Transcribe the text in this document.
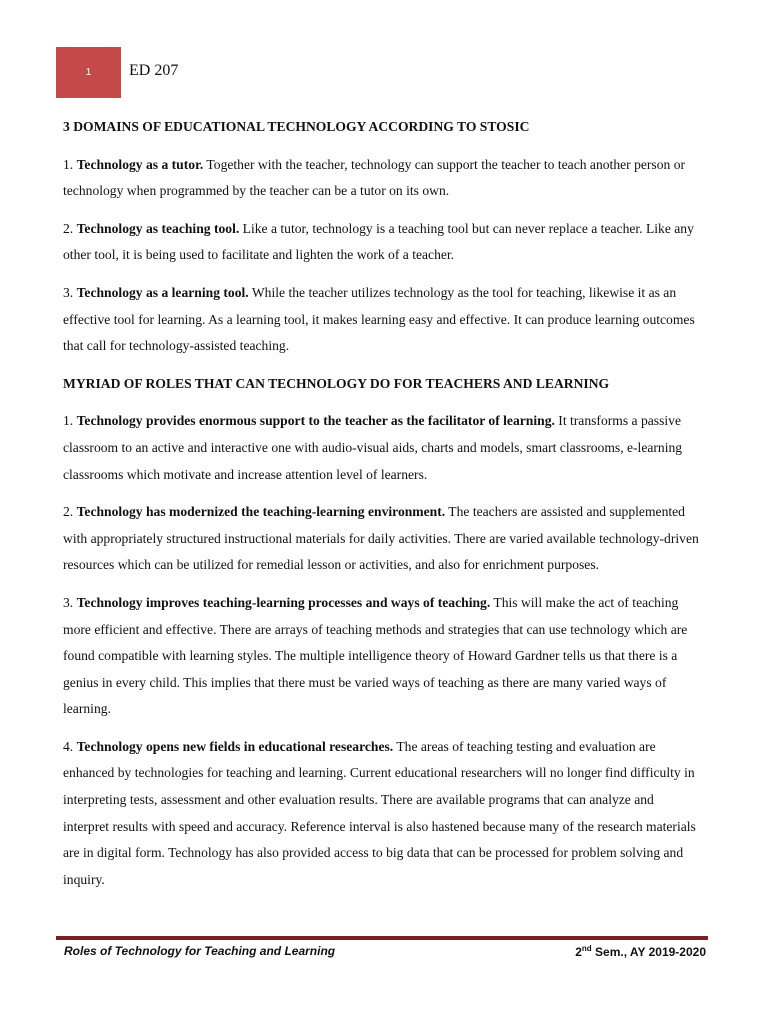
1 ED 207
3 DOMAINS OF EDUCATIONAL TECHNOLOGY ACCORDING TO STOSIC

1. Technology as a tutor. Together with the teacher, technology can support the teacher to teach another person or technology when programmed by the teacher can be a tutor on its own.

2. Technology as teaching tool. Like a tutor, technology is a teaching tool but can never replace a teacher. Like any other tool, it is being used to facilitate and lighten the work of a teacher.

3. Technology as a learning tool. While the teacher utilizes technology as the tool for teaching, likewise it as an effective tool for learning. As a learning tool, it makes learning easy and effective. It can produce learning outcomes that call for technology-assisted teaching.

MYRIAD OF ROLES THAT CAN TECHNOLOGY DO FOR TEACHERS AND LEARNING

1. Technology provides enormous support to the teacher as the facilitator of learning. It transforms a passive classroom to an active and interactive one with audio-visual aids, charts and models, smart classrooms, e-learning classrooms which motivate and increase attention level of learners.

2. Technology has modernized the teaching-learning environment. The teachers are assisted and supplemented with appropriately structured instructional materials for daily activities. There are varied available technology-driven resources which can be utilized for remedial lesson or activities, and also for enrichment purposes.

3. Technology improves teaching-learning processes and ways of teaching. This will make the act of teaching more efficient and effective. There are arrays of teaching methods and strategies that can use technology which are found compatible with learning styles. The multiple intelligence theory of Howard Gardner tells us that there is a genius in every child. This implies that there must be varied ways of teaching as there are many varied ways of learning.

4. Technology opens new fields in educational researches. The areas of teaching testing and evaluation are enhanced by technologies for teaching and learning. Current educational researchers will no longer find difficulty in interpreting tests, assessment and other evaluation results. There are available programs that can analyze and interpret results with speed and accuracy. Reference interval is also hastened because many of the research materials are in digital form. Technology has also provided access to big data that can be processed for problem solving and inquiry.

Roles of Technology for Teaching and Learning	2nd Sem., AY 2019-2020
